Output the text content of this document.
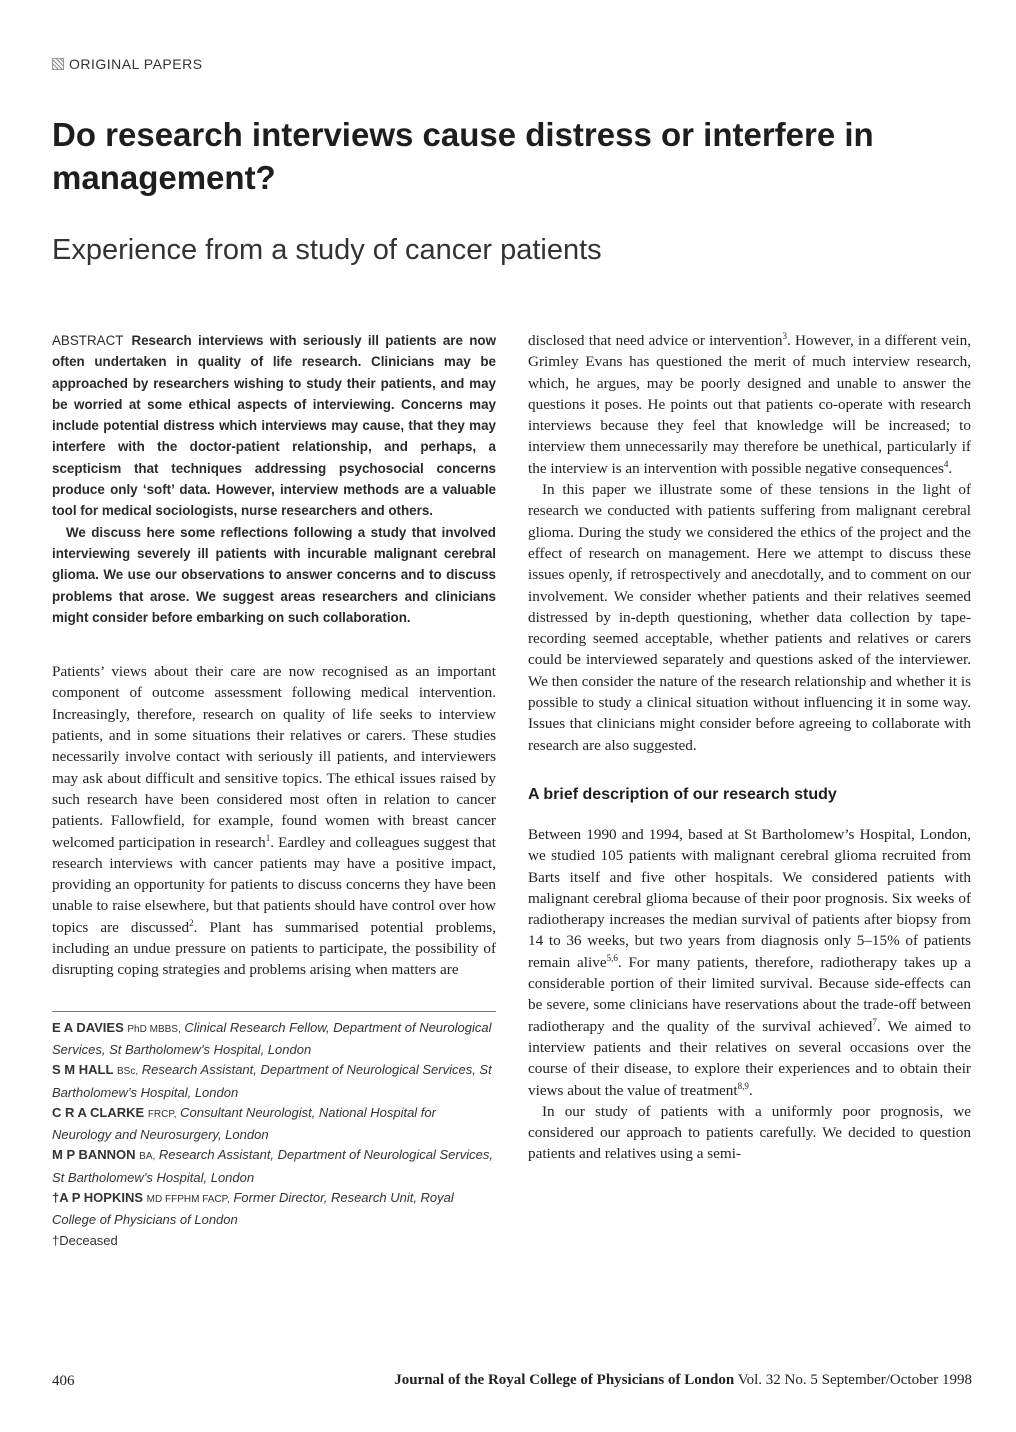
ORIGINAL PAPERS
Do research interviews cause distress or interfere in management?
Experience from a study of cancer patients

ABSTRACT Research interviews with seriously ill patients are now often undertaken in quality of life research. Clinicians may be approached by researchers wishing to study their patients, and may be worried at some ethical aspects of interviewing. Concerns may include potential distress which interviews may cause, that they may interfere with the doctor-patient relationship, and perhaps, a scepticism that techniques addressing psychosocial concerns produce only ‘soft’ data. However, interview methods are a valuable tool for medical sociologists, nurse researchers and others.

We discuss here some reflections following a study that involved interviewing severely ill patients with incurable malignant cerebral glioma. We use our observations to answer concerns and to discuss problems that arose. We suggest areas researchers and clinicians might consider before embarking on such collaboration.

Patients’ views about their care are now recognised as an important component of outcome assessment following medical intervention. Increasingly, therefore, research on quality of life seeks to interview patients, and in some situations their relatives or carers. These studies necessarily involve contact with seriously ill patients, and interviewers may ask about difficult and sensitive topics. The ethical issues raised by such research have been considered most often in relation to cancer patients. Fallowfield, for example, found women with breast cancer welcomed participation in research$^1$. Eardley and colleagues suggest that research interviews with cancer patients may have a positive impact, providing an opportunity for patients to discuss concerns they have been unable to raise elsewhere, but that patients should have control over how topics are discussed$^2$. Plant has summarised potential problems, including an undue pressure on patients to participate, the possibility of disrupting coping strategies and problems arising when matters are

E A DAVIES PhD MBBS, Clinical Research Fellow, Department of Neurological Services, St Bartholomew’s Hospital, London

S M HALL BSc, Research Assistant, Department of Neurological Services, St Bartholomew’s Hospital, London

C R A CLARKE FRCP, Consultant Neurologist, National Hospital for Neurology and Neurosurgery, London

M P BANNON BA, Research Assistant, Department of Neurological Services, St Bartholomew’s Hospital, London

†A P HOPKINS MD FFPHM FACP, Former Director, Research Unit, Royal College of Physicians of London

†Deceased

disclosed that need advice or intervention$^3$. However, in a different vein, Grimley Evans has questioned the merit of much interview research, which, he argues, may be poorly designed and unable to answer the questions it poses. He points out that patients co-operate with research interviews because they feel that knowledge will be increased; to interview them unnecessarily may therefore be unethical, particularly if the interview is an intervention with possible negative consequences$^4$.

In this paper we illustrate some of these tensions in the light of research we conducted with patients suffering from malignant cerebral glioma. During the study we considered the ethics of the project and the effect of research on management. Here we attempt to discuss these issues openly, if retrospectively and anecdotally, and to comment on our involvement. We consider whether patients and their relatives seemed distressed by in-depth questioning, whether data collection by tape-recording seemed acceptable, whether patients and relatives or carers could be interviewed separately and questions asked of the interviewer. We then consider the nature of the research relationship and whether it is possible to study a clinical situation without influencing it in some way. Issues that clinicians might consider before agreeing to collaborate with research are also suggested.

A brief description of our research study

Between 1990 and 1994, based at St Bartholomew’s Hospital, London, we studied 105 patients with malignant cerebral glioma recruited from Barts itself and five other hospitals. We considered patients with malignant cerebral glioma because of their poor prognosis. Six weeks of radiotherapy increases the median survival of patients after biopsy from 14 to 36 weeks, but two years from diagnosis only 5–15% of patients remain alive$^{5,6}$. For many patients, therefore, radiotherapy takes up a considerable portion of their limited survival. Because side-effects can be severe, some clinicians have reservations about the trade-off between radiotherapy and the quality of the survival achieved$^7$. We aimed to interview patients and their relatives on several occasions over the course of their disease, to explore their experiences and to obtain their views about the value of treatment$^{8,9}$.

In our study of patients with a uniformly poor prognosis, we considered our approach to patients carefully. We decided to question patients and relatives using a semi-

406	Journal of the Royal College of Physicians of London Vol. 32 No. 5 September/October 1998
